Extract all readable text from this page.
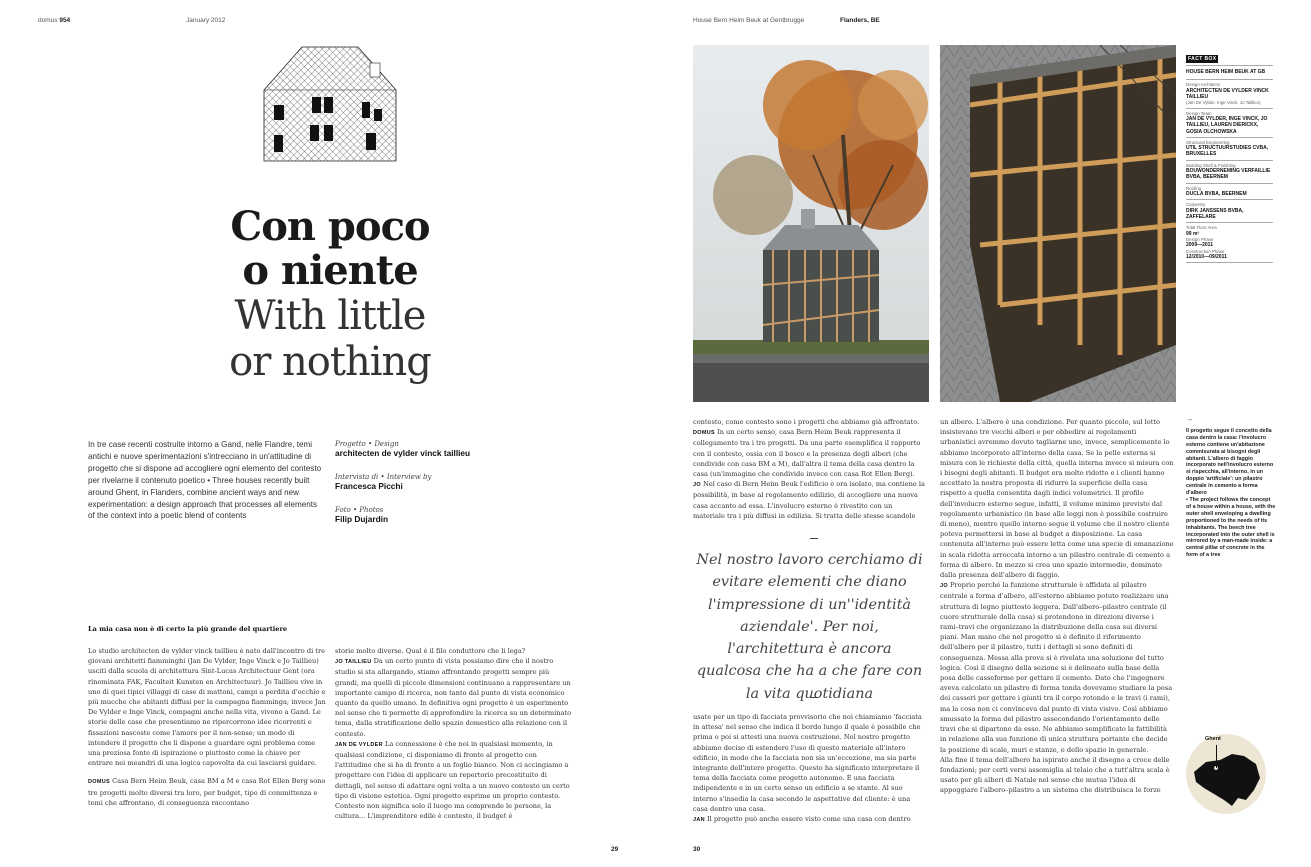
domus 954	January 2012
Con poco
o niente
With little
or nothing
In tre case recenti costruite intorno a Gand, nelle Fiandre, temi antichi e nuove sperimentazioni s'intrecciano in un'attitudine di progetto che si dispone ad accogliere ogni elemento del contesto per rivelarne il contenuto poetico • Three houses recently built around Ghent, in Flanders, combine ancient ways and new experimentation: a design approach that processes all elements of the context into a poetic blend of contents
Progetto • Design
architecten de vylder vinck taillieu
Intervista di • Interview by
Francesca Picchi
Foto • Photos
Filip Dujardin
La mia casa non è di certo la più grande del quartiere

Lo studio architecten de vylder vinck taillieu è nato dall'incontro di tre giovani architetti fiamminghi (Jan De Vylder, Inge Vinck e Jo Taillieu) usciti dalla scuola di architettura Sint-Lucas Architectuur Gent (ora rinominata FAK, Faculteit Kunsten en Architectuur). Jo Taillieu vive in uno di quei tipici villaggi di case di mattoni, campi a perdita d'occhio e più mucche che abitanti diffusi per la campagna fiamminga; invece Jan De Vylder e Inge Vinck, compagni anche nella vita, vivono a Gand. Le storie delle case che presentiamo ne ripercorrono idee ricorrenti e fissazioni nascoste come l'amore per il non-sense; un modo di intendere il progetto che li dispone a guardare ogni problema come una preziosa fonte di ispirazione o piuttosto come la chiave per entrare nei meandri di una logica capovolta da cui lasciarsi guidare.

DOMUS Casa Bern Heim Beuk, casa BM a M e casa Rot Ellen Berg sono tre progetti molto diversi tra loro, per budget, tipo di committenza e temi che affrontano, di conseguenza raccontano

storie molto diverse. Qual è il filo conduttore che li lega?

JO TAILLIEU Da un certo punto di vista possiamo dire che il nostro studio si sta allargando, stiamo affrontando progetti sempre più grandi, ma quelli di piccole dimensioni continuano a rappresentare un importante campo di ricerca, non tanto dal punto di vista economico quanto da quello umano. In definitiva ogni progetto è un esperimento nel senso che ti permette di approfondire la ricerca su un determinato tema, dalla stratificazione dello spazio domestico alla relazione con il contesto.

JAN DE VYLDER La connessione è che noi in qualsiasi momento, in qualsiasi condizione, ci disponiamo di fronte al progetto con l'attitudine che si ha di fronte a un foglio bianco. Non ci accingiamo a progettare con l'idea di applicare un repertorio precostituito di dettagli, nel senso di adattare ogni volta a un nuovo contesto un certo tipo di visione estetica. Ogni progetto esprime un proprio contesto. Contesto non significa solo il luogo ma comprende le persone, la cultura... L'imprenditore edile è contesto, il budget è

29
House Bern Heim Beuk at Gentbrugge	Flanders, BE
FACT BOX
HOUSE BERN HEIM BEUK AT GB
Design Architects
ARCHITECTEN DE VYLDER VINCK TAILLIEU
(Jan De Vylder, Inge Vinck, Jo Taillieu)
Design Team
JAN DE VYLDER, INGE VINCK, JO TAILLIEU, LAUREN DIERICKX, GOSIA OLCHOWSKA
Structural Engineering
UTIL STRUCTUURSTUDIES CVBA, BRUXELLES
Building Shell & Finishing
BOUWONDERNEMING VERFAILLIE BVBA, BEERNEM
Roofing
DUCLA BVBA, BEERNEM
Carpentry
DIRK JANSSENS BVBA, ZAFFELARE
Total Floor Area
99 m²
Design Phase
2009—2011
Construction Phase
12/2010—09/2011

contesto, come contesto sono i progetti che abbiamo già affrontato.

DOMUS In un certo senso, casa Bern Heim Beuk rappresenta il collegamento tra i tre progetti. Da una parte esemplifica il rapporto con il contesto, ossia con il bosco e la presenza degli alberi (che condivide con casa BM a M), dall'altra il tema della casa dentro la casa (un'immagine che condivide invece con casa Rot Ellen Berg).

JO Nel caso di Bern Heim Beuk l'edificio è ora isolato, ma contiene la possibilità, in base al regolamento edilizio, di accogliere una nuova casa accanto ad essa. L'involucro esterno è rivestito con un materiale tra i più diffusi in edilizia. Si tratta delle stesse scandole

Nel nostro lavoro cerchiamo di evitare elementi che diano l'impressione di un''identità aziendale'. Per noi, l'architettura è ancora qualcosa che ha a che fare con la vita quotidiana

usate per un tipo di facciata provvisorio che noi chiamiamo 'facciata in attesa' nel senso che indica il bordo lungo il quale è possibile che prima o poi si attesti una nuova costruzione. Nel nostro progetto abbiamo deciso di estendere l'uso di questo materiale all'intero edificio, in modo che la facciata non sia un'eccezione, ma sia parte integrante dell'intero progetto. Questo ha significato interpretare il tema della facciata come progetto autonomo. È una facciata indipendente e in un certo senso un edificio a se stante. Al suo interno s'insedia la casa secondo le aspettative del cliente: è una casa dentro una casa.

JAN Il progetto può anche essere visto come una casa con dentro

un albero. L'albero è una condizione. Per quanto piccolo, sul lotto insistevano tre vecchi alberi e per obbedire ai regolamenti urbanistici avremmo dovuto tagliarne uno, invece, semplicemente lo abbiamo incorporato all'interno della casa. Se la pelle esterna si misura con le richieste della città, quella interna invece si misura con i bisogni degli abitanti. Il budget era molto ridotto e i clienti hanno accettato la nostra proposta di ridurre la superficie della casa rispetto a quella consentita dagli indici volumetrici. Il profilo dell'involucro esterno segue, infatti, il volume minimo previsto dal regolamento urbanistico (in base alle leggi non è possibile costruire di meno), mentre quello interno segue il volume che il nostro cliente poteva permettersi in base al budget a disposizione. La casa contenuta all'interno può essere letta come una specie di emanazione in scala ridotta arroccata intorno a un pilastro centrale di cemento a forma di albero. In mezzo si crea uno spazio intermedio, dominato dalla presenza dell'albero di faggio.

JO Proprio perché la funzione strutturale è affidata al pilastro centrale a forma d'albero, all'esterno abbiamo potuto realizzare una struttura di legno piuttosto leggera. Dall'albero–pilastro centrale (il cuore strutturale della casa) si protendono in direzioni diverse i rami–travi che organizzano la distribuzione della casa sui diversi piani. Man mano che nel progetto si è definito il riferimento dell'albero per il pilastro, tutti i dettagli si sono definiti di conseguenza. Messa alla prova si è rivelata una soluzione del tutto logica. Così il disegno della sezione si è delineato sulla base della posa delle casseforme per gettare il cemento. Dato che l'ingegnere aveva calcolato un pilastro di forma tonda dovevamo studiare la posa dei casseri per gettare i giunti tra il corpo rotondo e le travi (i rami), ma la cosa non ci convinceva dal punto di vista visivo. Così abbiamo smussato la forma del pilastro assecondando l'orientamento delle travi che si dipartono da esso. Ne abbiamo semplificato la fattibilità in relazione alla sua funzione di unica struttura portante che decide la posizione di scale, muri e stanze, e dello spazio in generale.

Alla fine il tema dell'albero ha ispirato anche il disegno a croce delle fondazioni; per certi versi assomiglia al telaio che a tutt'altra scala è usato per gli alberi di Natale nel senso che mutua l'idea di appoggiare l'albero–pilastro a un sistema che distribuisca le forze

→
Il progetto segue il concetto della casa dentro la casa: l'involucro esterno contiene un'abitazione commisurata ai bisogni degli abitanti. L'albero di faggio incorporato nell'involucro esterno si rispecchia, all'interno, in un doppio 'artificiale': un pilastro centrale in cemento a forma d'albero
• The project follows the concept of a house within a house, with the outer shell enveloping a dwelling proportioned to the needs of its inhabitants. The beech tree incorporated into the outer shell is mirrored by a man-made inside: a central pillar of concrete in the form of a tree
Ghent
30
